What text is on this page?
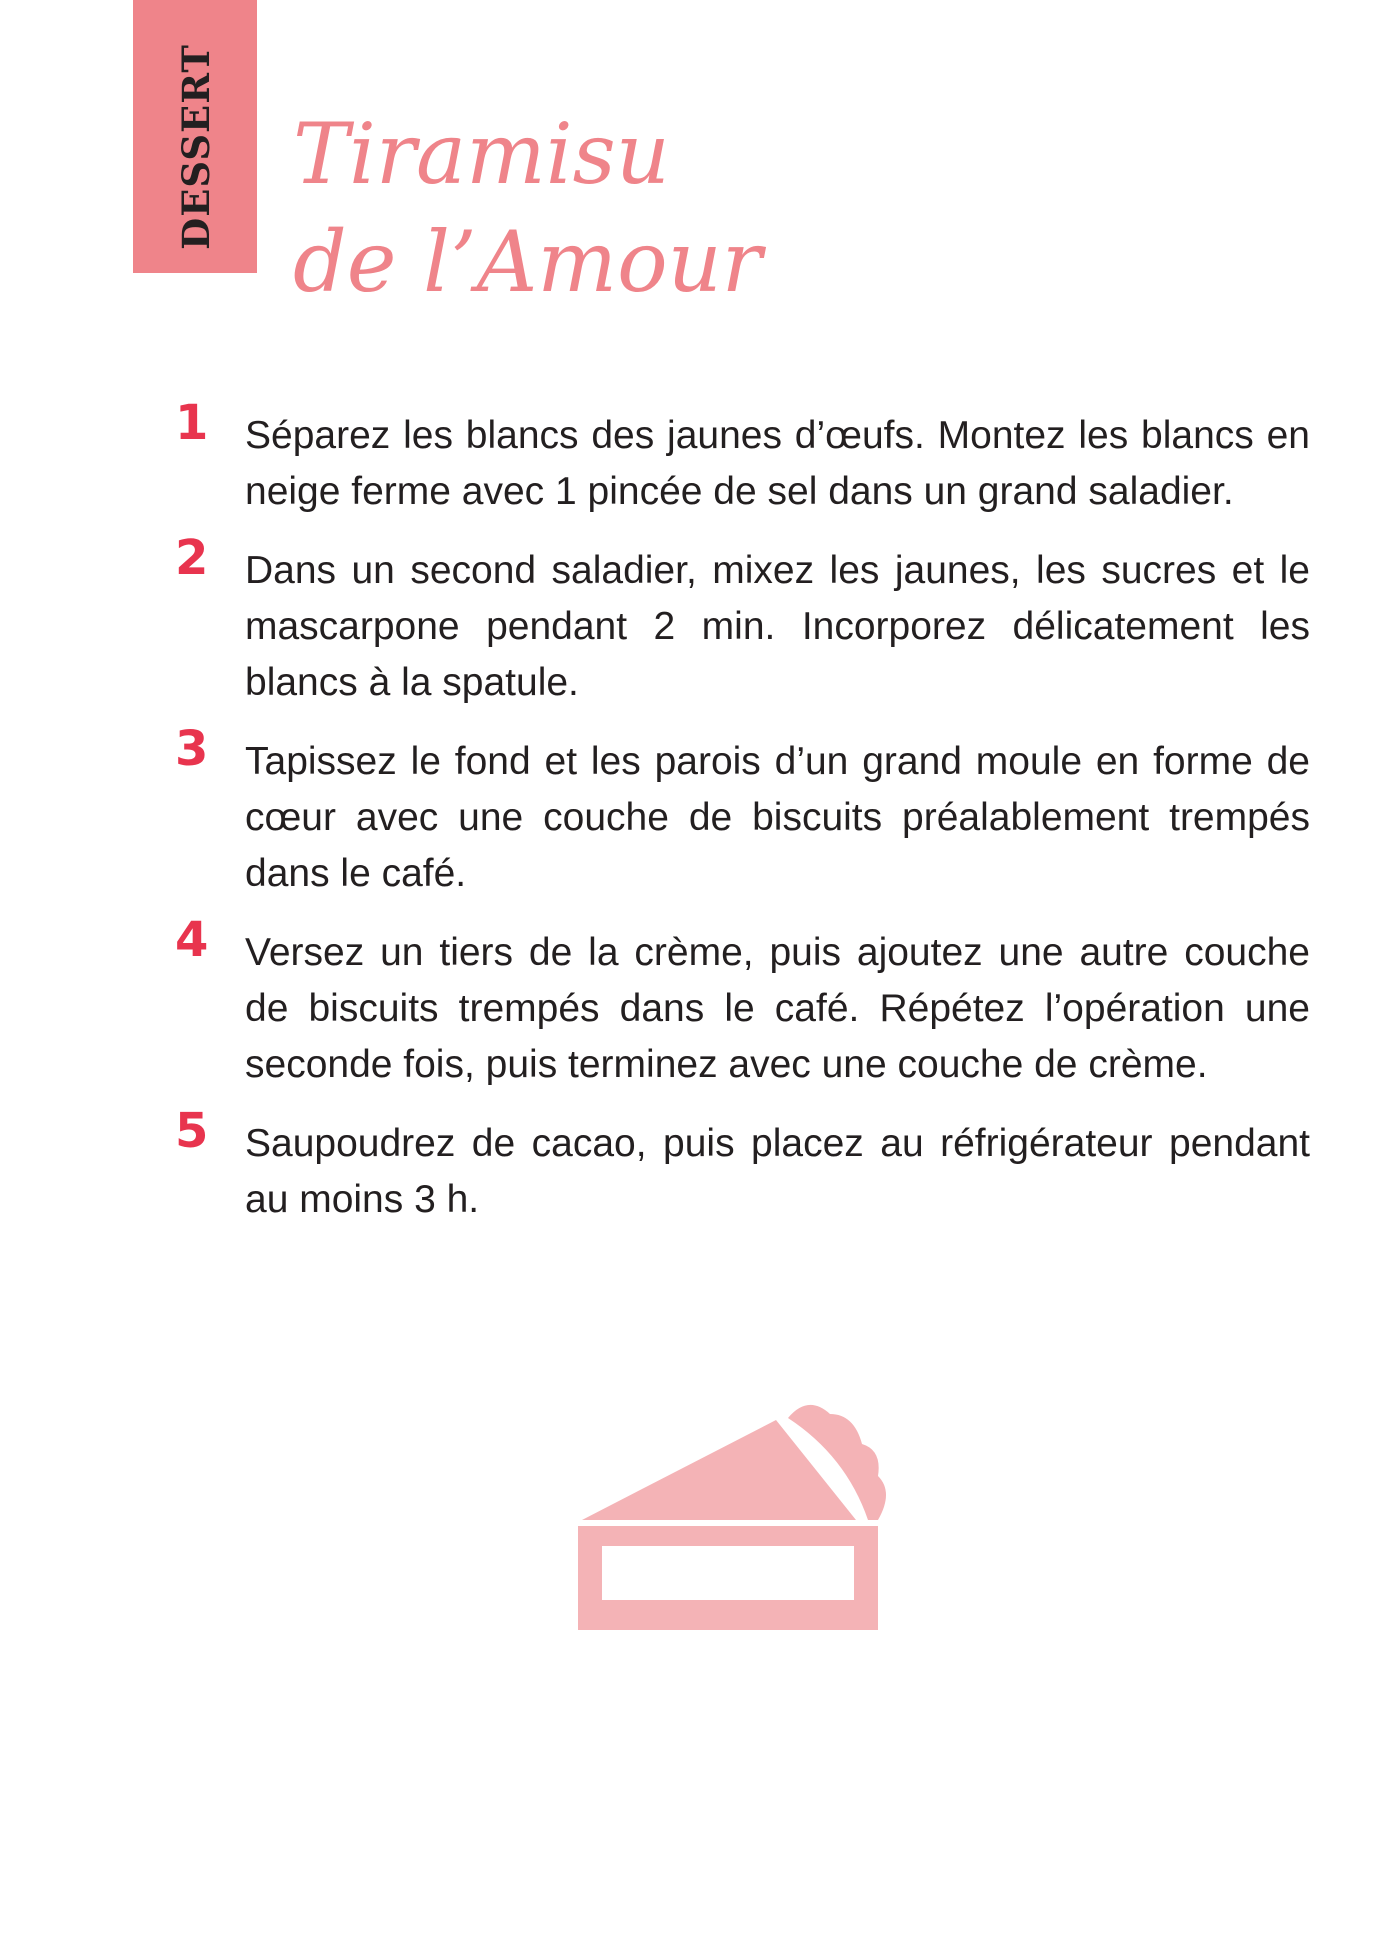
DESSERT Tiramisu
de l’Amour
1 Séparez les blancs des jaunes d’œufs. Montez les blancs en neige ferme avec 1 pincée de sel dans un grand saladier.
2 Dans un second saladier, mixez les jaunes, les sucres et le mascarpone pendant 2 min. Incorporez délicatement les blancs à la spatule.
3 Tapissez le fond et les parois d’un grand moule en forme de cœur avec une couche de biscuits préalablement trempés dans le café.
4 Versez un tiers de la crème, puis ajoutez une autre couche de biscuits trempés dans le café. Répétez l’opération une seconde fois, puis terminez avec une couche de crème.
5 Saupoudrez de cacao, puis placez au réfrigérateur pendant au moins 3 h.
